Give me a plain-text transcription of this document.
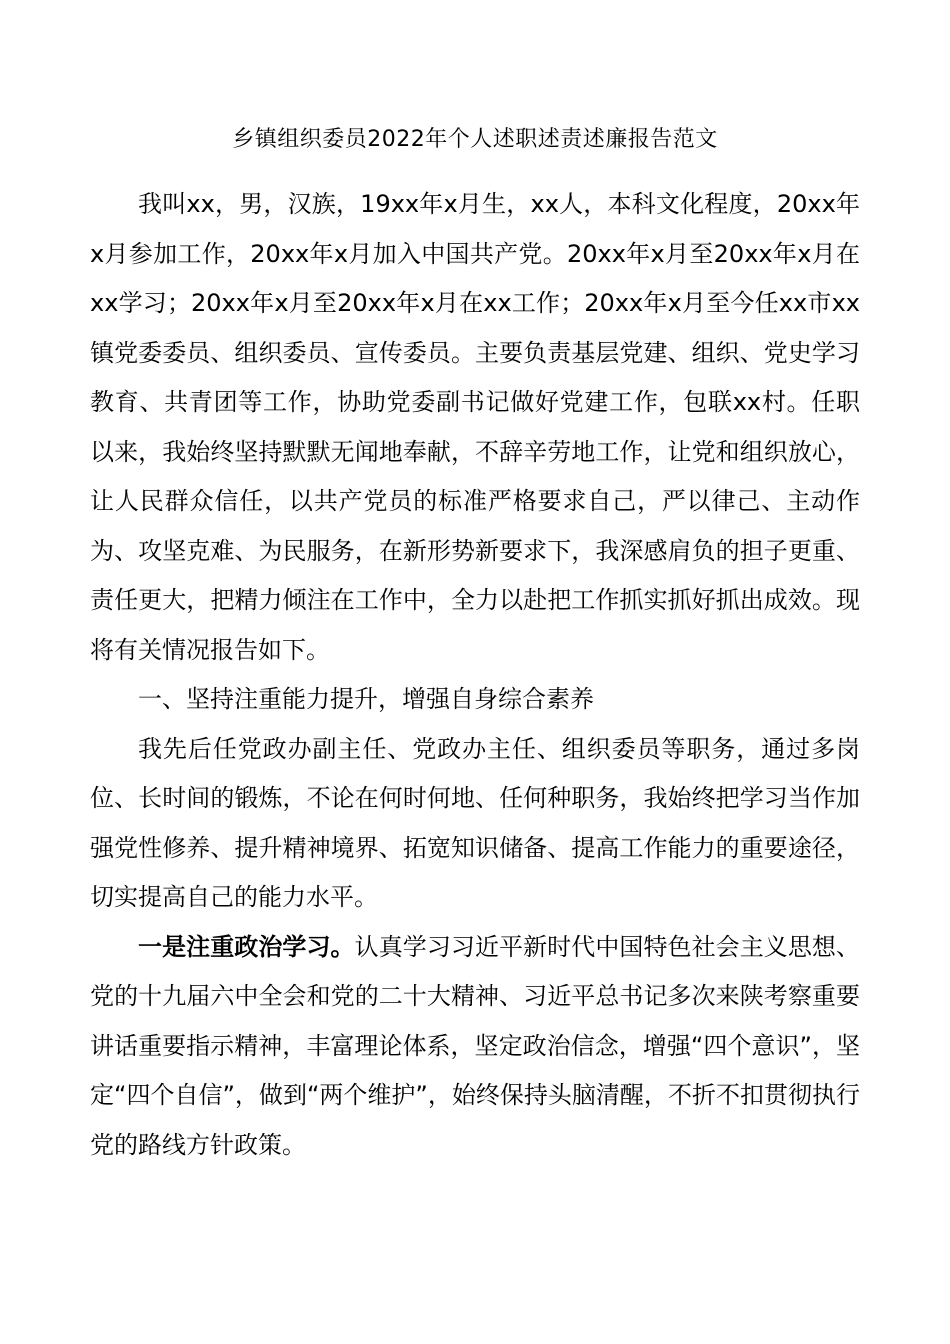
乡镇组织委员2022年个人述职述责述廉报告范文

我叫xx，男，汉族，19xx年x月生，xx人，本科文化程度，20xx年x月参加工作，20xx年x月加入中国共产党。20xx年x月至20xx年x月在xx学习；20xx年x月至20xx年x月在xx工作；20xx年x月至今任xx市xx镇党委委员、组织委员、宣传委员。主要负责基层党建、组织、党史学习教育、共青团等工作，协助党委副书记做好党建工作，包联xx村。任职以来，我始终坚持默默无闻地奉献，不辞辛劳地工作，让党和组织放心，让人民群众信任，以共产党员的标准严格要求自己，严以律己、主动作为、攻坚克难、为民服务，在新形势新要求下，我深感肩负的担子更重、责任更大，把精力倾注在工作中，全力以赴把工作抓实抓好抓出成效。现将有关情况报告如下。

一、坚持注重能力提升，增强自身综合素养

我先后任党政办副主任、党政办主任、组织委员等职务，通过多岗位、长时间的锻炼，不论在何时何地、任何种职务，我始终把学习当作加强党性修养、提升精神境界、拓宽知识储备、提高工作能力的重要途径，切实提高自己的能力水平。

一是注重政治学习。认真学习习近平新时代中国特色社会主义思想、党的十九届六中全会和党的二十大精神、习近平总书记多次来陕考察重要讲话重要指示精神，丰富理论体系，坚定政治信念，增强“四个意识”，坚定“四个自信”，做到“两个维护”，始终保持头脑清醒，不折不扣贯彻执行党的路线方针政策。
